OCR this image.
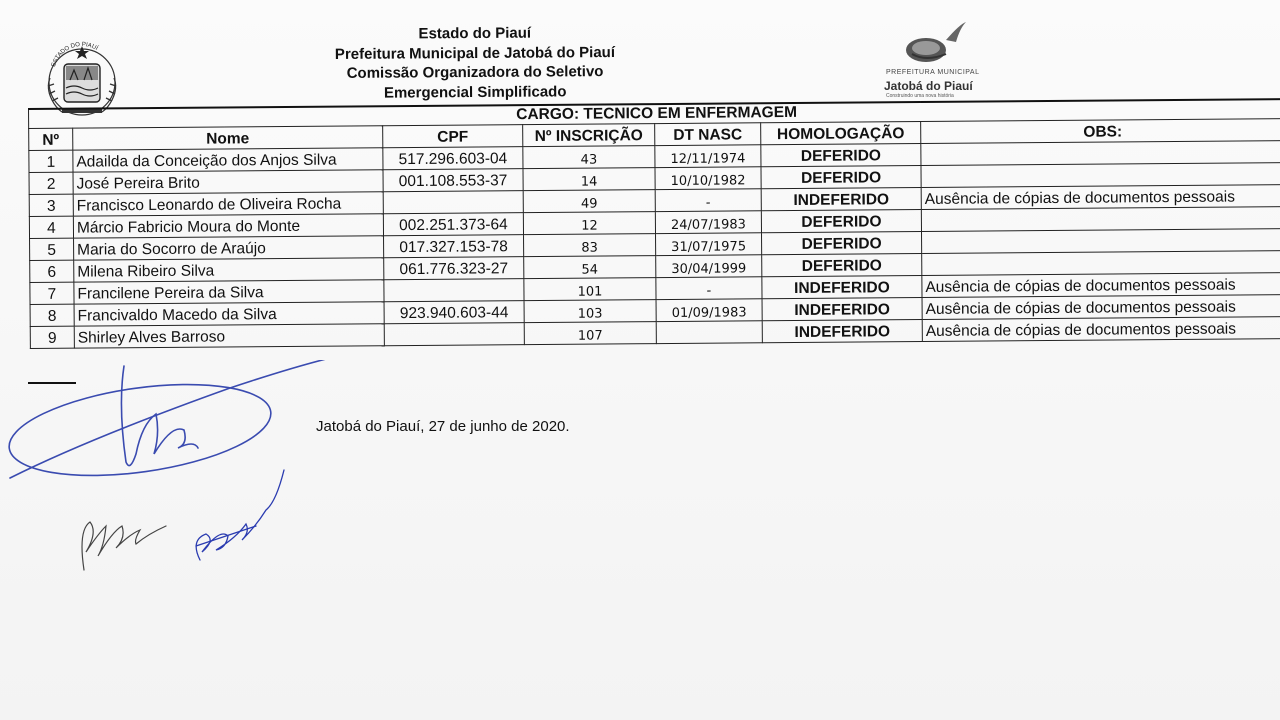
ESTADO DO PIAUÍ
PREFEITURA MUNICIPAL
Jatobá do Piauí
Construindo uma nova história
Estado do Piauí
Prefeitura Municipal de Jatobá do Piauí
Comissão Organizadora do Seletivo
Emergencial Simplificado
CARGO: TECNICO EM ENFERMAGEM						
Nº	Nome	CPF	Nº INSCRIÇÃO	DT NASC	HOMOLOGAÇÃO	OBS:
1	Adailda da Conceição dos Anjos Silva	517.296.603-04	43	12/11/1974	DEFERIDO	
2	José Pereira Brito	001.108.553-37	14	10/10/1982	DEFERIDO	
3	Francisco Leonardo de Oliveira Rocha		49	-	INDEFERIDO	Ausência de cópias de documentos pessoais
4	Márcio Fabricio Moura do Monte	002.251.373-64	12	24/07/1983	DEFERIDO	
5	Maria do Socorro de Araújo	017.327.153-78	83	31/07/1975	DEFERIDO	
6	Milena Ribeiro Silva	061.776.323-27	54	30/04/1999	DEFERIDO	
7	Francilene Pereira da Silva		101	-	INDEFERIDO	Ausência de cópias de documentos pessoais
8	Francivaldo Macedo da Silva	923.940.603-44	103	01/09/1983	INDEFERIDO	Ausência de cópias de documentos pessoais
9	Shirley Alves Barroso		107		INDEFERIDO	Ausência de cópias de documentos pessoais
Jatobá do Piauí, 27 de junho de 2020.
